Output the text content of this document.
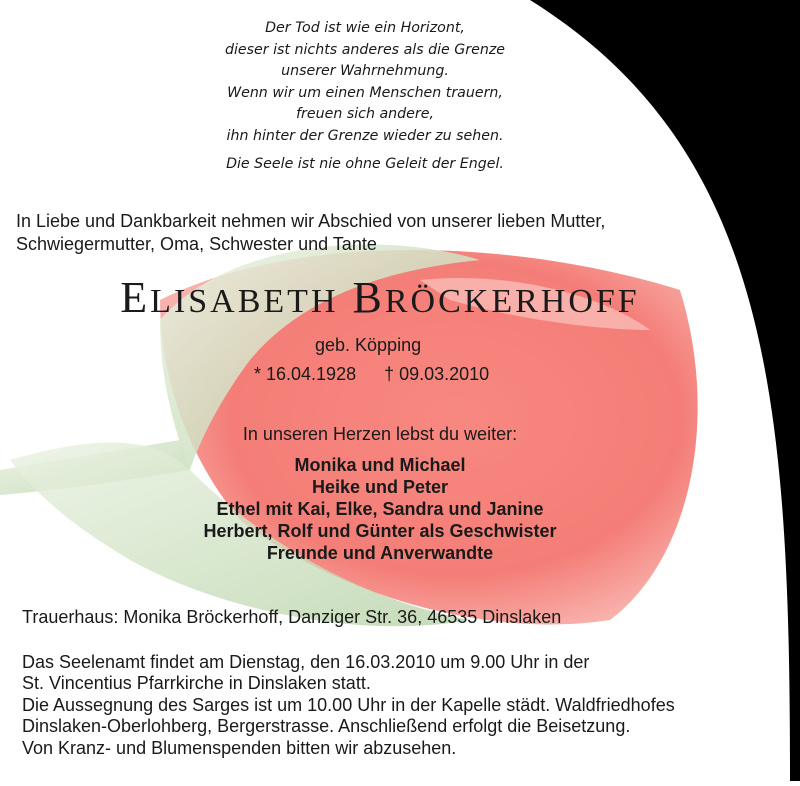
Der Tod ist wie ein Horizont,
dieser ist nichts anderes als die Grenze
unserer Wahrnehmung.
Wenn wir um einen Menschen trauern,
freuen sich andere,
ihn hinter der Grenze wieder zu sehen.
Die Seele ist nie ohne Geleit der Engel.
In Liebe und Dankbarkeit nehmen wir Abschied von unserer lieben Mutter,
Schwiegermutter, Oma, Schwester und Tante
ELISABETH BRÖCKERHOFF
geb. Köpping
* 16.04.1928 † 09.03.2010
In unseren Herzen lebst du weiter:
Monika und Michael
Heike und Peter
Ethel mit Kai, Elke, Sandra und Janine
Herbert, Rolf und Günter als Geschwister
Freunde und Anverwandte
Trauerhaus: Monika Bröckerhoff, Danziger Str. 36, 46535 Dinslaken
Das Seelenamt findet am Dienstag, den 16.03.2010 um 9.00 Uhr in der
St. Vincentius Pfarrkirche in Dinslaken statt.
Die Aussegnung des Sarges ist um 10.00 Uhr in der Kapelle städt. Waldfriedhofes
Dinslaken-Oberlohberg, Bergerstrasse. Anschließend erfolgt die Beisetzung.
Von Kranz- und Blumenspenden bitten wir abzusehen.
